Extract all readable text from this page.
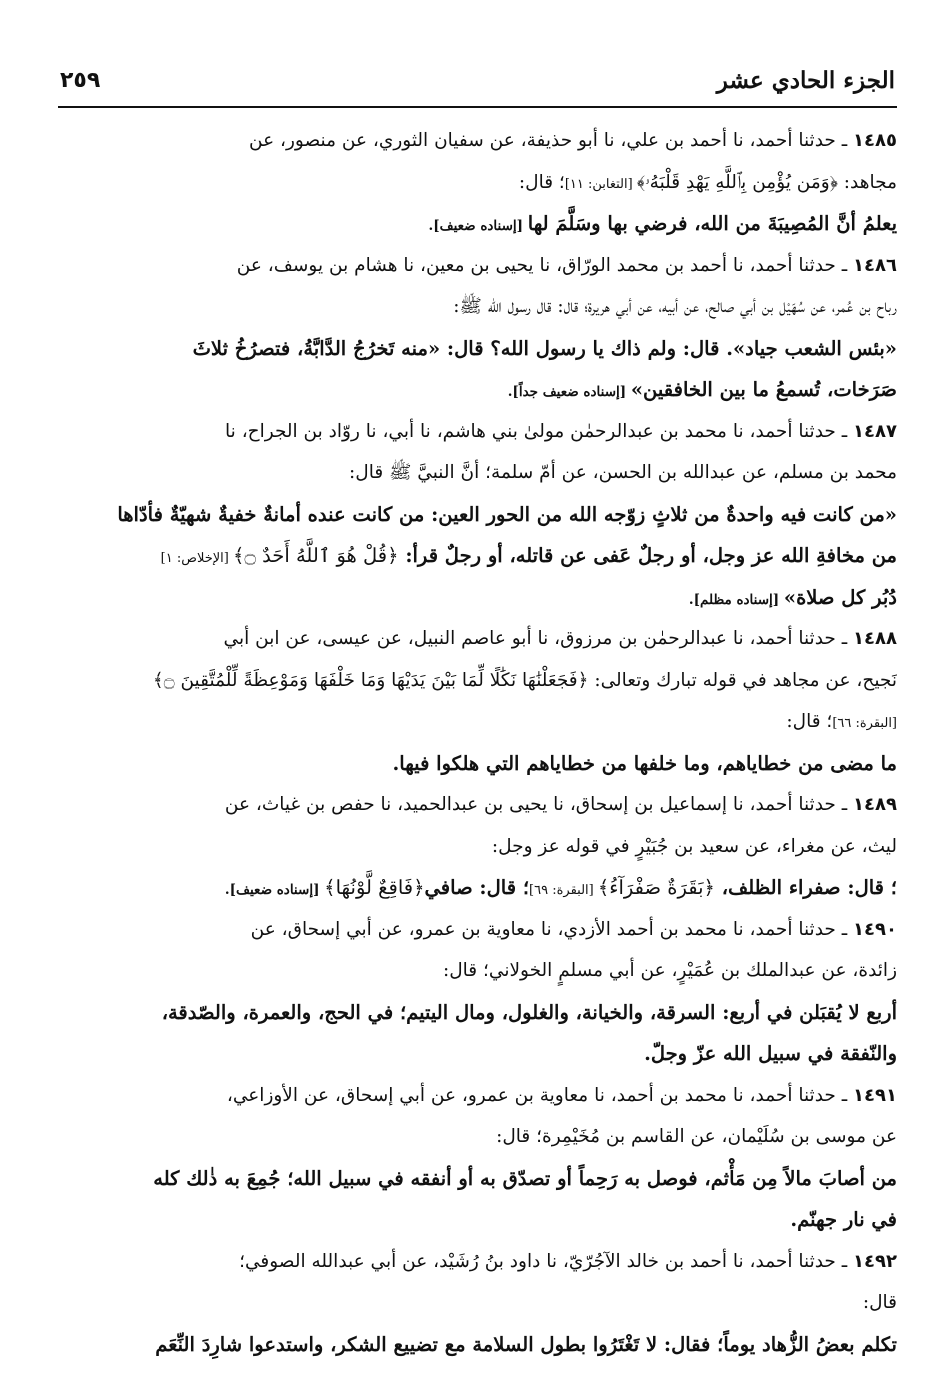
الجزء الحادي عشر
٢٥٩
١٤٨٥ ـ حدثنا أحمد، نا أحمد بن علي، نا أبو حذيفة، عن سفيان الثوري، عن منصور، عن
مجاهد: ﴿وَمَن يُؤْمِن بِٱللَّهِ يَهْدِ قَلْبَهُۥ﴾ [التغابن: ١١]؛ قال:
يعلمُ أنَّ المُصِيبَةَ من الله، فرضي بها وسَلَّمَ لها [إسناده ضعيف].
١٤٨٦ ـ حدثنا أحمد، نا أحمد بن محمد الورّاق، نا يحيى بن معين، نا هشام بن يوسف، عن
رباح بن عُمر، عن سُهَيْل بن أبي صالح، عن أبيه، عن أبي هريرة؛ قال: قال رسول الله ﷺ:
«بئس الشعب جياد». قال: ولم ذاك يا رسول الله؟ قال: «منه تَخرُجُ الدَّابَّةُ، فتصرُخُ ثلاثَ
صَرَخات، تُسمعُ ما بين الخافقين» [إسناده ضعيف جداً].
١٤٨٧ ـ حدثنا أحمد، نا محمد بن عبدالرحمٰن مولىٰ بني هاشم، نا أبي، نا روّاد بن الجراح، نا
محمد بن مسلم، عن عبدالله بن الحسن، عن أمّ سلمة؛ أنَّ النبيَّ ﷺ قال:
«من كانت فيه واحدةٌ من ثلاثٍ زوّجه الله من الحور العين: من كانت عنده أمانةٌ خفيةٌ شهيّةٌ فأدّاها
من مخافةِ الله عز وجل، أو رجلٌ عَفى عن قاتله، أو رجلٌ قرأ: ﴿قُلْ هُوَ ٱللَّهُ أَحَدٌ ۝﴾ [الإخلاص: ١]
دُبُر كل صلاة» [إسناده مظلم].
١٤٨٨ ـ حدثنا أحمد، نا عبدالرحمٰن بن مرزوق، نا أبو عاصم النبيل، عن عيسى، عن ابن أبي
نَجيح، عن مجاهد في قوله تبارك وتعالى: ﴿فَجَعَلْنَٰهَا نَكَٰلًا لِّمَا بَيْنَ يَدَيْهَا وَمَا خَلْفَهَا وَمَوْعِظَةً لِّلْمُتَّقِينَ ۝﴾
[البقرة: ٦٦]؛ قال:
ما مضى من خطاياهم، وما خلفها من خطاياهم التي هلكوا فيها.
١٤٨٩ ـ حدثنا أحمد، نا إسماعيل بن إسحاق، نا يحيى بن عبدالحميد، نا حفص بن غياث، عن
ليث، عن مغراء، عن سعيد بن جُبَيْرٍ في قوله عز وجل:
؛ قال: صفراء الظلف، ﴿بَقَرَةٌ صَفْرَآءُ﴾ [البقرة: ٦٩]؛ قال: صافي﴿فَاقِعٌ لَّوْنُهَا﴾ [إسناده ضعيف].
١٤٩٠ ـ حدثنا أحمد، نا محمد بن أحمد الأزدي، نا معاوية بن عمرو، عن أبي إسحاق، عن
زائدة، عن عبدالملك بن عُمَيْرٍ، عن أبي مسلمٍ الخولاني؛ قال:
أربع لا يُقبَلن في أربع: السرقة، والخيانة، والغلول، ومال اليتيم؛ في الحج، والعمرة، والصّدقة،
والنّفقة في سبيل الله عزّ وجلّ.
١٤٩١ ـ حدثنا أحمد، نا محمد بن أحمد، نا معاوية بن عمرو، عن أبي إسحاق، عن الأوزاعي،
عن موسى بن سُلَيْمان، عن القاسم بن مُخَيْمِرة؛ قال:
من أصابَ مالاً مِن مَأْثم، فوصل به رَحِماً أو تصدّق به أو أنفقه في سبيل الله؛ جُمِعَ به ذٰلك كله
في نار جهنّم.
١٤٩٢ ـ حدثنا أحمد، نا أحمد بن خالد الآجُرّيّ، نا داود بنُ رُشَيْد، عن أبي عبدالله الصوفي؛
قال:
تكلم بعضُ الزُّهاد يوماً؛ فقال: لا تَغْتَرُوا بطول السلامة مع تضييع الشكر، واستدعوا شارِدَ النِّعَم
